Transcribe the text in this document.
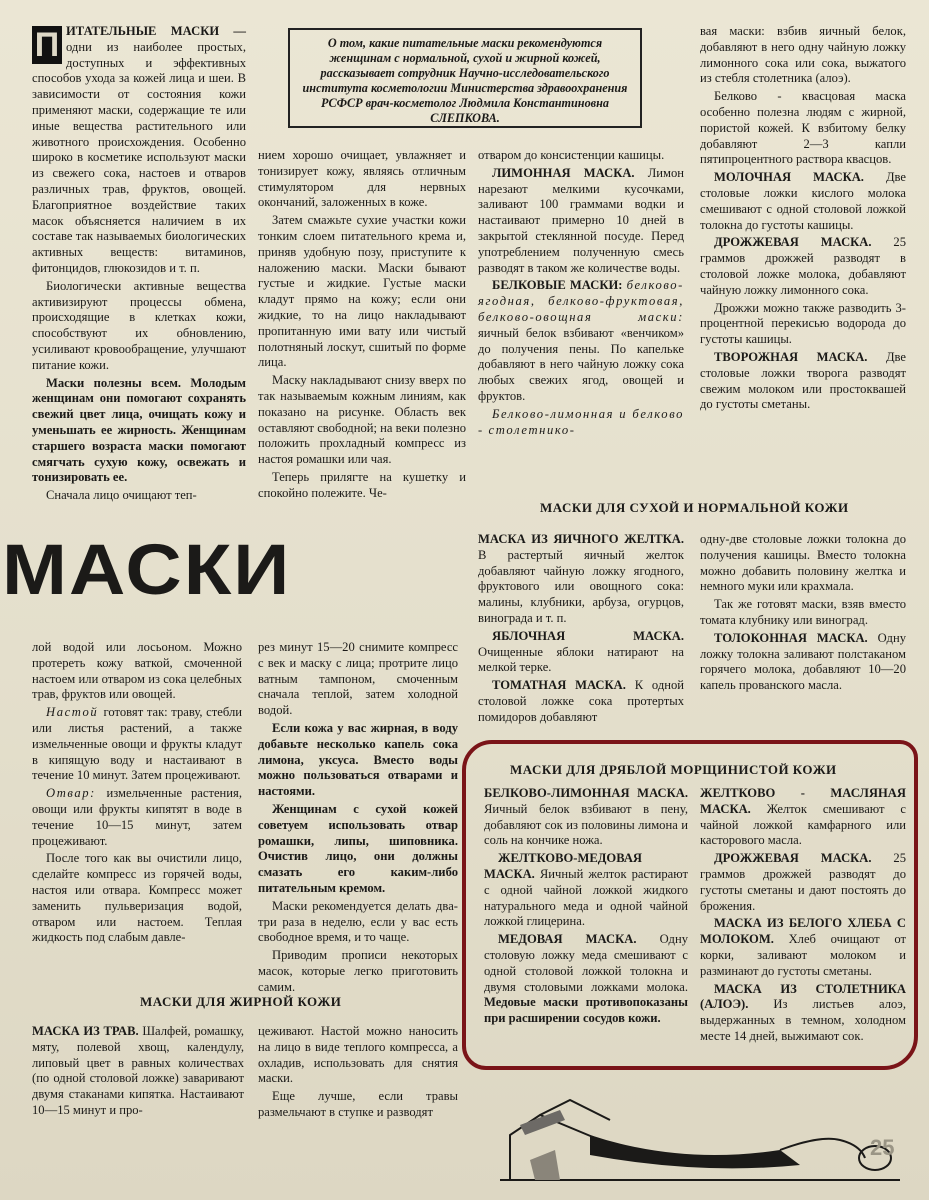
О том, какие питательные маски рекомендуются женщинам с нормальной, сухой и жирной кожей, рассказывает сотрудник Научно-исследовательского института косметологии Министерства здравоохранения РСФСР врач-косметолог Людмила Константиновна СЛЕПКОВА.

П ИТАТЕЛЬНЫЕ МАСКИ — одни из наиболее простых, доступных и эффективных способов ухода за кожей лица и шеи. В зависимости от состояния кожи применяют маски, содержащие те или иные вещества растительного или животного происхождения. Особенно широко в косметике используют маски из свежего сока, настоев и отваров различных трав, фруктов, овощей. Благоприятное воздействие таких масок объясняется наличием в их составе так называемых биологических активных веществ: витаминов, фитонцидов, глюкозидов и т. п.

Биологически активные вещества активизируют процессы обмена, происходящие в клетках кожи, способствуют их обновлению, усиливают кровообращение, улучшают питание кожи.

Маски полезны всем. Молодым женщинам они помогают сохранять свежий цвет лица, очищать кожу и уменьшать ее жирность. Женщинам старшего возраста маски помогают смягчать сухую кожу, освежать и тонизировать ее.

Сначала лицо очищают теп-

нием хорошо очищает, увлажняет и тонизирует кожу, являясь отличным стимулятором для нервных окончаний, заложенных в коже.

Затем смажьте сухие участки кожи тонким слоем питательного крема и, приняв удобную позу, приступите к наложению маски. Маски бывают густые и жидкие. Густые маски кладут прямо на кожу; если они жидкие, то на лицо накладывают пропитанную ими вату или чистый полотняный лоскут, сшитый по форме лица.

Маску накладывают снизу вверх по так называемым кожным линиям, как показано на рисунке. Область век оставляют свободной; на веки полезно положить прохладный компресс из настоя ромашки или чая.

Теперь прилягте на кушетку и спокойно полежите. Че-

отваром до консистенции кашицы.

ЛИМОННАЯ МАСКА. Лимон нарезают мелкими кусочками, заливают 100 граммами водки и настаивают примерно 10 дней в закрытой стеклянной посуде. Перед употреблением полученную смесь разводят в таком же количестве воды.

БЕЛКОВЫЕ МАСКИ: белково-ягодная, белково-фруктовая, белково-овощная маски: яичный белок взбивают «венчиком» до получения пены. По капельке добавляют в него чайную ложку сока любых свежих ягод, овощей и фруктов.

Белково-лимонная и белково - столетнико-

вая маски: взбив яичный белок, добавляют в него одну чайную ложку лимонного сока или сока, выжатого из стебля столетника (алоэ).

Белково - квасцовая маска особенно полезна людям с жирной, пористой кожей. К взбитому белку добавляют 2—3 капли пятипроцентного раствора квасцов.

МОЛОЧНАЯ МАСКА. Две столовые ложки кислого молока смешивают с одной столовой ложкой толокна до густоты кашицы.

ДРОЖЖЕВАЯ МАСКА. 25 граммов дрожжей разводят в столовой ложке молока, добавляют чайную ложку лимонного сока.

Дрожжи можно также разводить 3-процентной перекисью водорода до густоты кашицы.

ТВОРОЖНАЯ МАСКА. Две столовые ложки творога разводят свежим молоком или простоквашей до густоты сметаны.

МАСКИ ДЛЯ СУХОЙ И НОРМАЛЬНОЙ КОЖИ
МАСКИ	МАСКА ИЗ ЯИЧНОГО ЖЕЛТКА. В растертый яичный желток добавляют чайную ложку ягодного, фруктового или овощного сока: малины, клубники, арбуза, огурцов, винограда и т. п.

ЯБЛОЧНАЯ МАСКА. Очищенные яблоки натирают на мелкой терке.

ТОМАТНАЯ МАСКА. К одной столовой ложке сока протертых помидоров добавляют

одну-две столовые ложки толокна до получения кашицы. Вместо толокна можно добавить половину желтка и немного муки или крахмала.

Так же готовят маски, взяв вместо томата клубнику или виноград.

ТОЛОКОННАЯ МАСКА. Одну ложку толокна заливают полстаканом горячего молока, добавляют 10—20 капель прованского масла.

лой водой или лосьоном. Можно протереть кожу ваткой, смоченной настоем или отваром из сока целебных трав, фруктов или овощей.

Настой готовят так: траву, стебли или листья растений, а также измельченные овощи и фрукты кладут в кипящую воду и настаивают в течение 10 минут. Затем процеживают.

Отвар: измельченные растения, овощи или фрукты кипятят в воде в течение 10—15 минут, затем процеживают.

После того как вы очистили лицо, сделайте компресс из горячей воды, настоя или отвара. Компресс может заменить пульверизация водой, отваром или настоем. Теплая жидкость под слабым давле-

рез минут 15—20 снимите компресс с век и маску с лица; протрите лицо ватным тампоном, смоченным сначала теплой, затем холодной водой.

Если кожа у вас жирная, в воду добавьте несколько капель сока лимона, уксуса. Вместо воды можно пользоваться отварами и настоями.

Женщинам с сухой кожей советуем использовать отвар ромашки, липы, шиповника. Очистив лицо, они должны смазать его каким-либо питательным кремом.

Маски рекомендуется делать два-три раза в неделю, если у вас есть свободное время, и то чаще.

Приводим прописи некоторых масок, которые легко приготовить самим.

МАСКИ ДЛЯ ДРЯБЛОЙ МОРЩИНИСТОЙ КОЖИ

БЕЛКОВО-ЛИМОННАЯ МАСКА. Яичный белок взбивают в пену, добавляют сок из половины лимона и соль на кончике ножа.

ЖЕЛТКОВО-МЕДОВАЯ МАСКА. Яичный желток растирают с одной чайной ложкой жидкого натурального меда и одной чайной ложкой глицерина.

МЕДОВАЯ МАСКА. Одну столовую ложку меда смешивают с одной столовой ложкой толокна и двумя столовыми ложками молока. Медовые маски противопоказаны при расширении сосудов кожи.

ЖЕЛТКОВО - МАСЛЯНАЯ МАСКА. Желток смешивают с чайной ложкой камфарного или касторового масла.

ДРОЖЖЕВАЯ МАСКА. 25 граммов дрожжей разводят до густоты сметаны и дают постоять до брожения.

МАСКА ИЗ БЕЛОГО ХЛЕБА С МОЛОКОМ. Хлеб очищают от корки, заливают молоком и разминают до густоты сметаны.

МАСКА ИЗ СТОЛЕТНИКА (АЛОЭ). Из листьев алоэ, выдержанных в темном, холодном месте 14 дней, выжимают сок.

МАСКИ ДЛЯ ЖИРНОЙ КОЖИ

МАСКА ИЗ ТРАВ. Шалфей, ромашку, мяту, полевой хвощ, календулу, липовый цвет в равных количествах (по одной столовой ложке) заваривают двумя стаканами кипятка. Настаивают 10—15 минут и про-

цеживают. Настой можно наносить на лицо в виде теплого компресса, а охладив, использовать для снятия маски.

Еще лучше, если травы размельчают в ступке и разводят

25
